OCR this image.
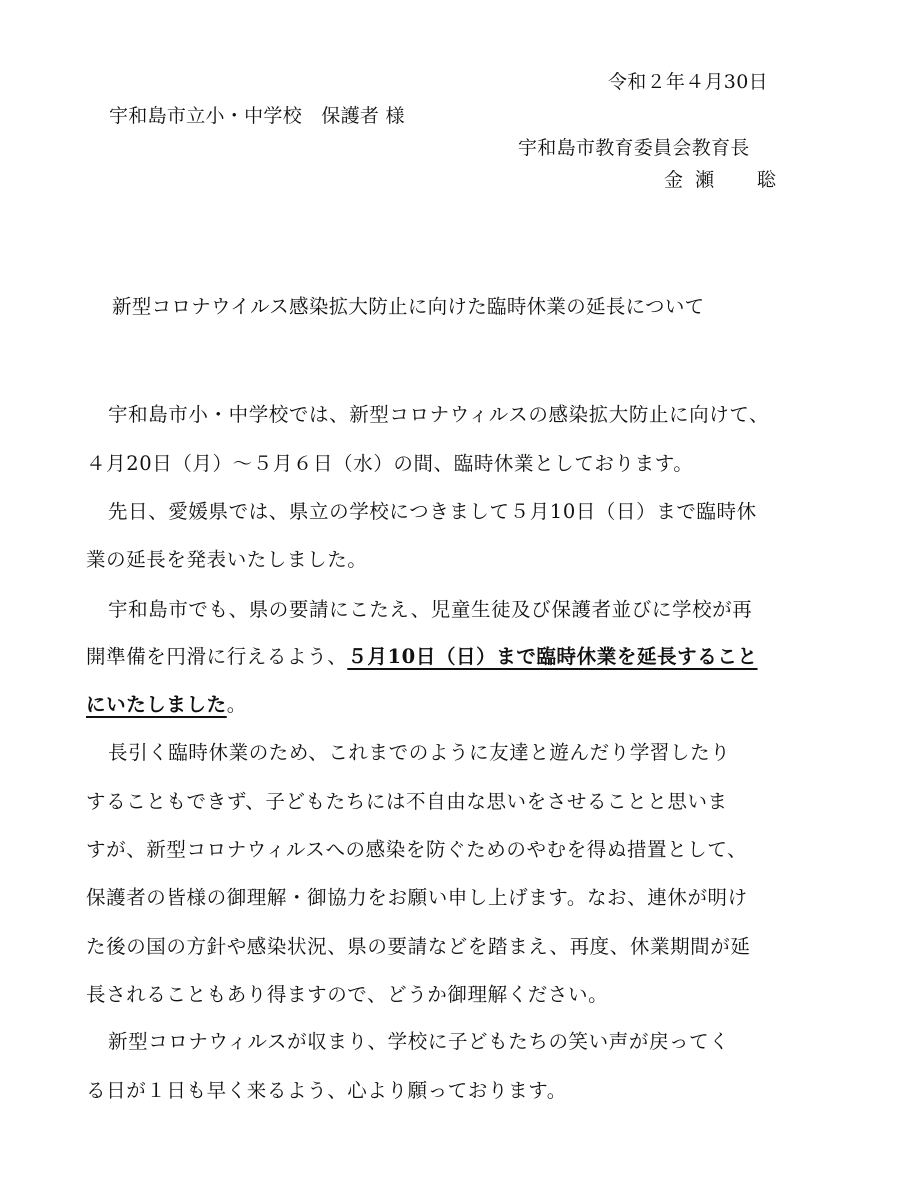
令和２年４月30日
宇和島市立小・中学校　保護者 様
宇和島市教育委員会教育長
金瀬　聡
新型コロナウイルス感染拡大防止に向けた臨時休業の延長について
宇和島市小・中学校では、新型コロナウィルスの感染拡大防止に向けて、
４月20日（月）～５月６日（水）の間、臨時休業としております。
先日、愛媛県では、県立の学校につきまして５月10日（日）まで臨時休
業の延長を発表いたしました。
宇和島市でも、県の要請にこたえ、児童生徒及び保護者並びに学校が再
開準備を円滑に行えるよう、５月10日（日）まで臨時休業を延長すること
にいたしました。
長引く臨時休業のため、これまでのように友達と遊んだり学習したり
することもできず、子どもたちには不自由な思いをさせることと思いま
すが、新型コロナウィルスへの感染を防ぐためのやむを得ぬ措置として、
保護者の皆様の御理解・御協力をお願い申し上げます。なお、連休が明け
た後の国の方針や感染状況、県の要請などを踏まえ、再度、休業期間が延
長されることもあり得ますので、どうか御理解ください。
新型コロナウィルスが収まり、学校に子どもたちの笑い声が戻ってく
る日が１日も早く来るよう、心より願っております。
